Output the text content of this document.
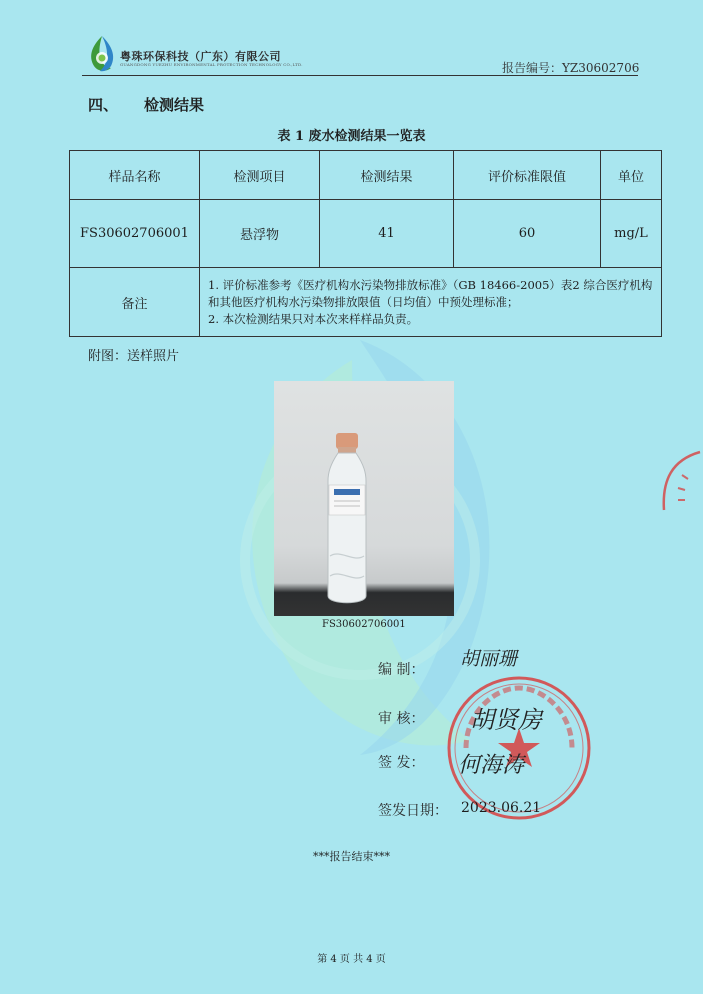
粤珠环保科技（广东）有限公司
GUANGDONG YUEZHU ENVIRONMENTAL PROTECTION TECHNOLOGY CO.,LTD.	报告编号：YZ30602706
四、 检测结果
表 1 废水检测结果一览表
样品名称	检测项目	检测结果	评价标准限值	单位
FS30602706001	悬浮物	41	60	mg/L
备注	1. 评价标准参考《医疗机构水污染物排放标准》（GB 18466-2005）表2 综合医疗机构和其他医疗机构水污染物排放限值（日均值）中预处理标准；
2. 本次检测结果只对本次来样样品负责。			
附图：送样照片
FS30602706001
编 制： 胡丽珊
审 核： 胡贤房
签 发： 何海涛
签发日期： 2023.06.21
***报告结束***
第 4 页 共 4 页
